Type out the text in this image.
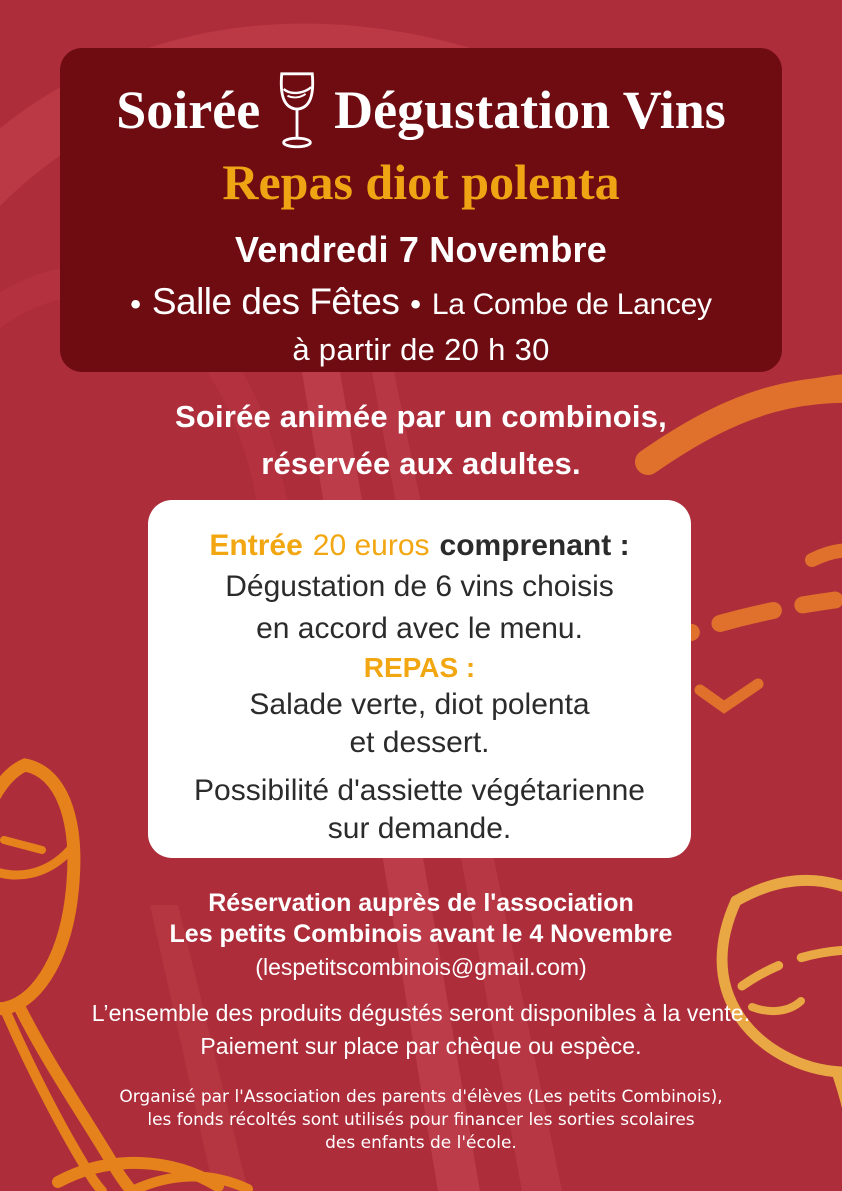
Soirée Dégustation Vins
Repas diot polenta
Vendredi 7 Novembre
• Salle des Fêtes • La Combe de Lancey
à partir de 20 h 30
Soirée animée par un combinois,
réservée aux adultes.
Entrée 20 euros comprenant :
Dégustation de 6 vins choisis
en accord avec le menu.
REPAS :
Salade verte, diot polenta
et dessert.
Possibilité d'assiette végétarienne
sur demande.
Réservation auprès de l'association
Les petits Combinois avant le 4 Novembre
(lespetitscombinois@gmail.com)
L’ensemble des produits dégustés seront disponibles à la vente.
Paiement sur place par chèque ou espèce.
Organisé par l'Association des parents d'élèves (Les petits Combinois),
les fonds récoltés sont utilisés pour financer les sorties scolaires
des enfants de l'école.
